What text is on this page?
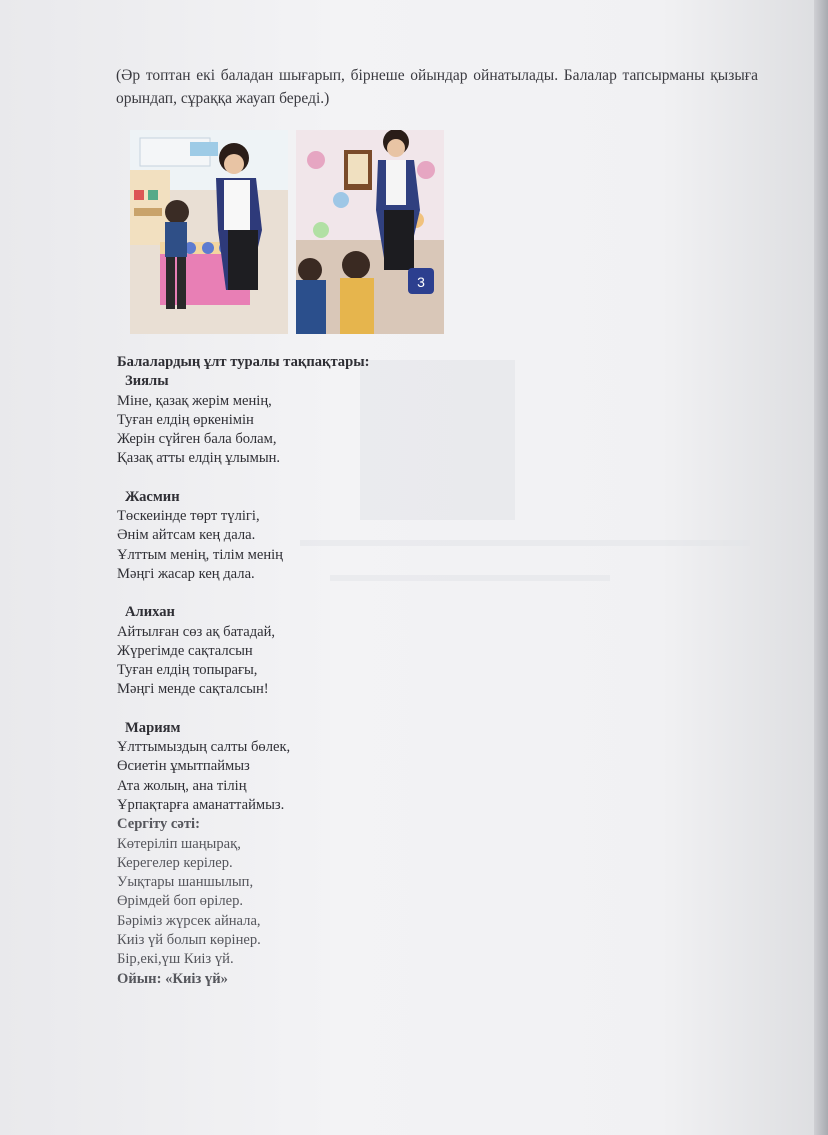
(Әр топтан екі баладан шығарып, бірнеше ойындар ойнатылады. Балалар тапсырманы қызыға орындап, сұраққа жауап береді.)

3
Балалардың ұлт туралы тақпақтары:
Зиялы
Міне, қазақ жерім менің,
Туған елдің өркенімін
Жерін сүйген бала болам,
Қазақ атты елдің ұлымын.
Жасмин
Төскеиінде төрт түлігі,
Әнім айтсам кең дала.
Ұлттым менің, тілім менің
Мәңгі жасар кең дала.
Алихан
Айтылған сөз ақ батадай,
Жүрегімде сақталсын
Туған елдің топырағы,
Мәңгі менде сақталсын!
Мариям
Ұлттымыздың салты бөлек,
Өсиетін ұмытпаймыз
Ата жолың, ана тілің
Ұрпақтарға аманаттаймыз.
Сергіту сәті:
Көтеріліп шаңырақ,
Керегелер керілер.
Уықтары шаншылып,
Өрімдей боп өрілер.
Бәріміз жүрсек айнала,
Киіз үй болып көрінер.
Бір,екі,үш Киіз үй.
Ойын: «Киіз үй»
